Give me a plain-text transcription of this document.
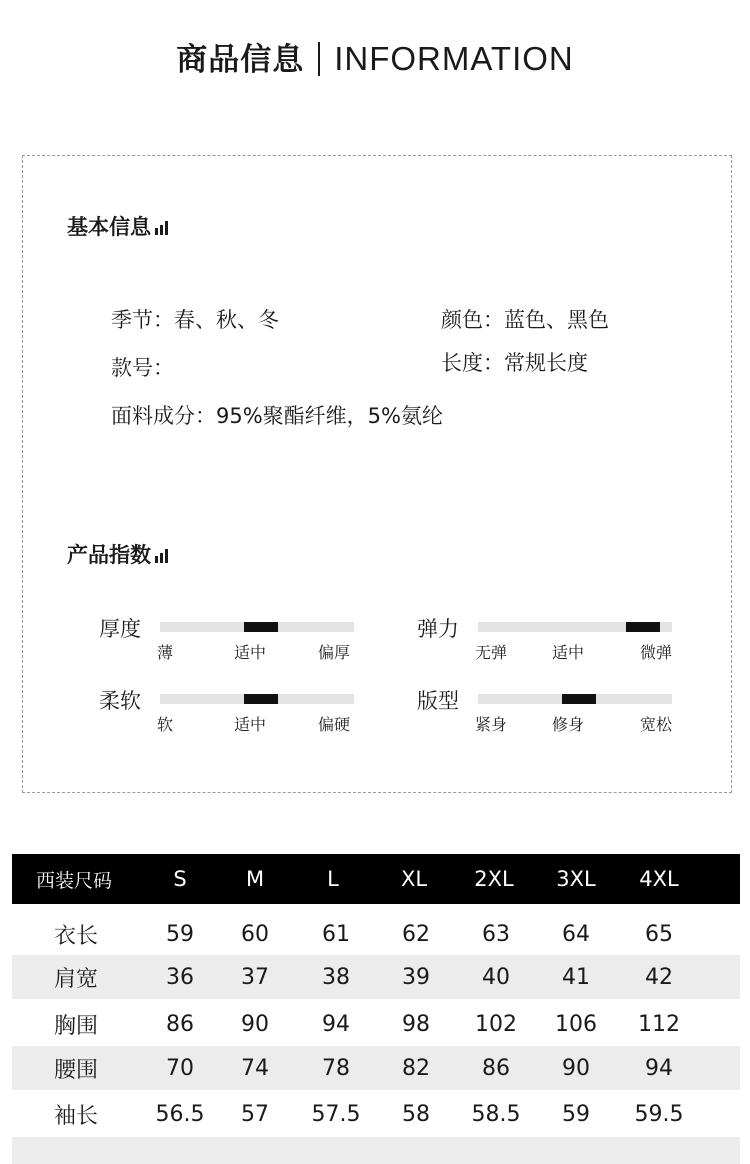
商品信息 INFORMATION
基本信息
季节：春、秋、冬	颜色：蓝色、黑色
款号：	长度：常规长度
面料成分：95%聚酯纤维，5%氨纶
产品指数
厚度
薄	适中	偏厚
弹力
无弹	适中	微弹
柔软
软	适中	偏硬
版型
紧身	修身	宽松
西装尺码	S	M	L	XL	2XL	3XL	4XL
衣长	59	60	61	62	63	64	65
肩宽	36	37	38	39	40	41	42
胸围	86	90	94	98	102	106	112
腰围	70	74	78	82	86	90	94
袖长	56.5	57	57.5	58	58.5	59	59.5
